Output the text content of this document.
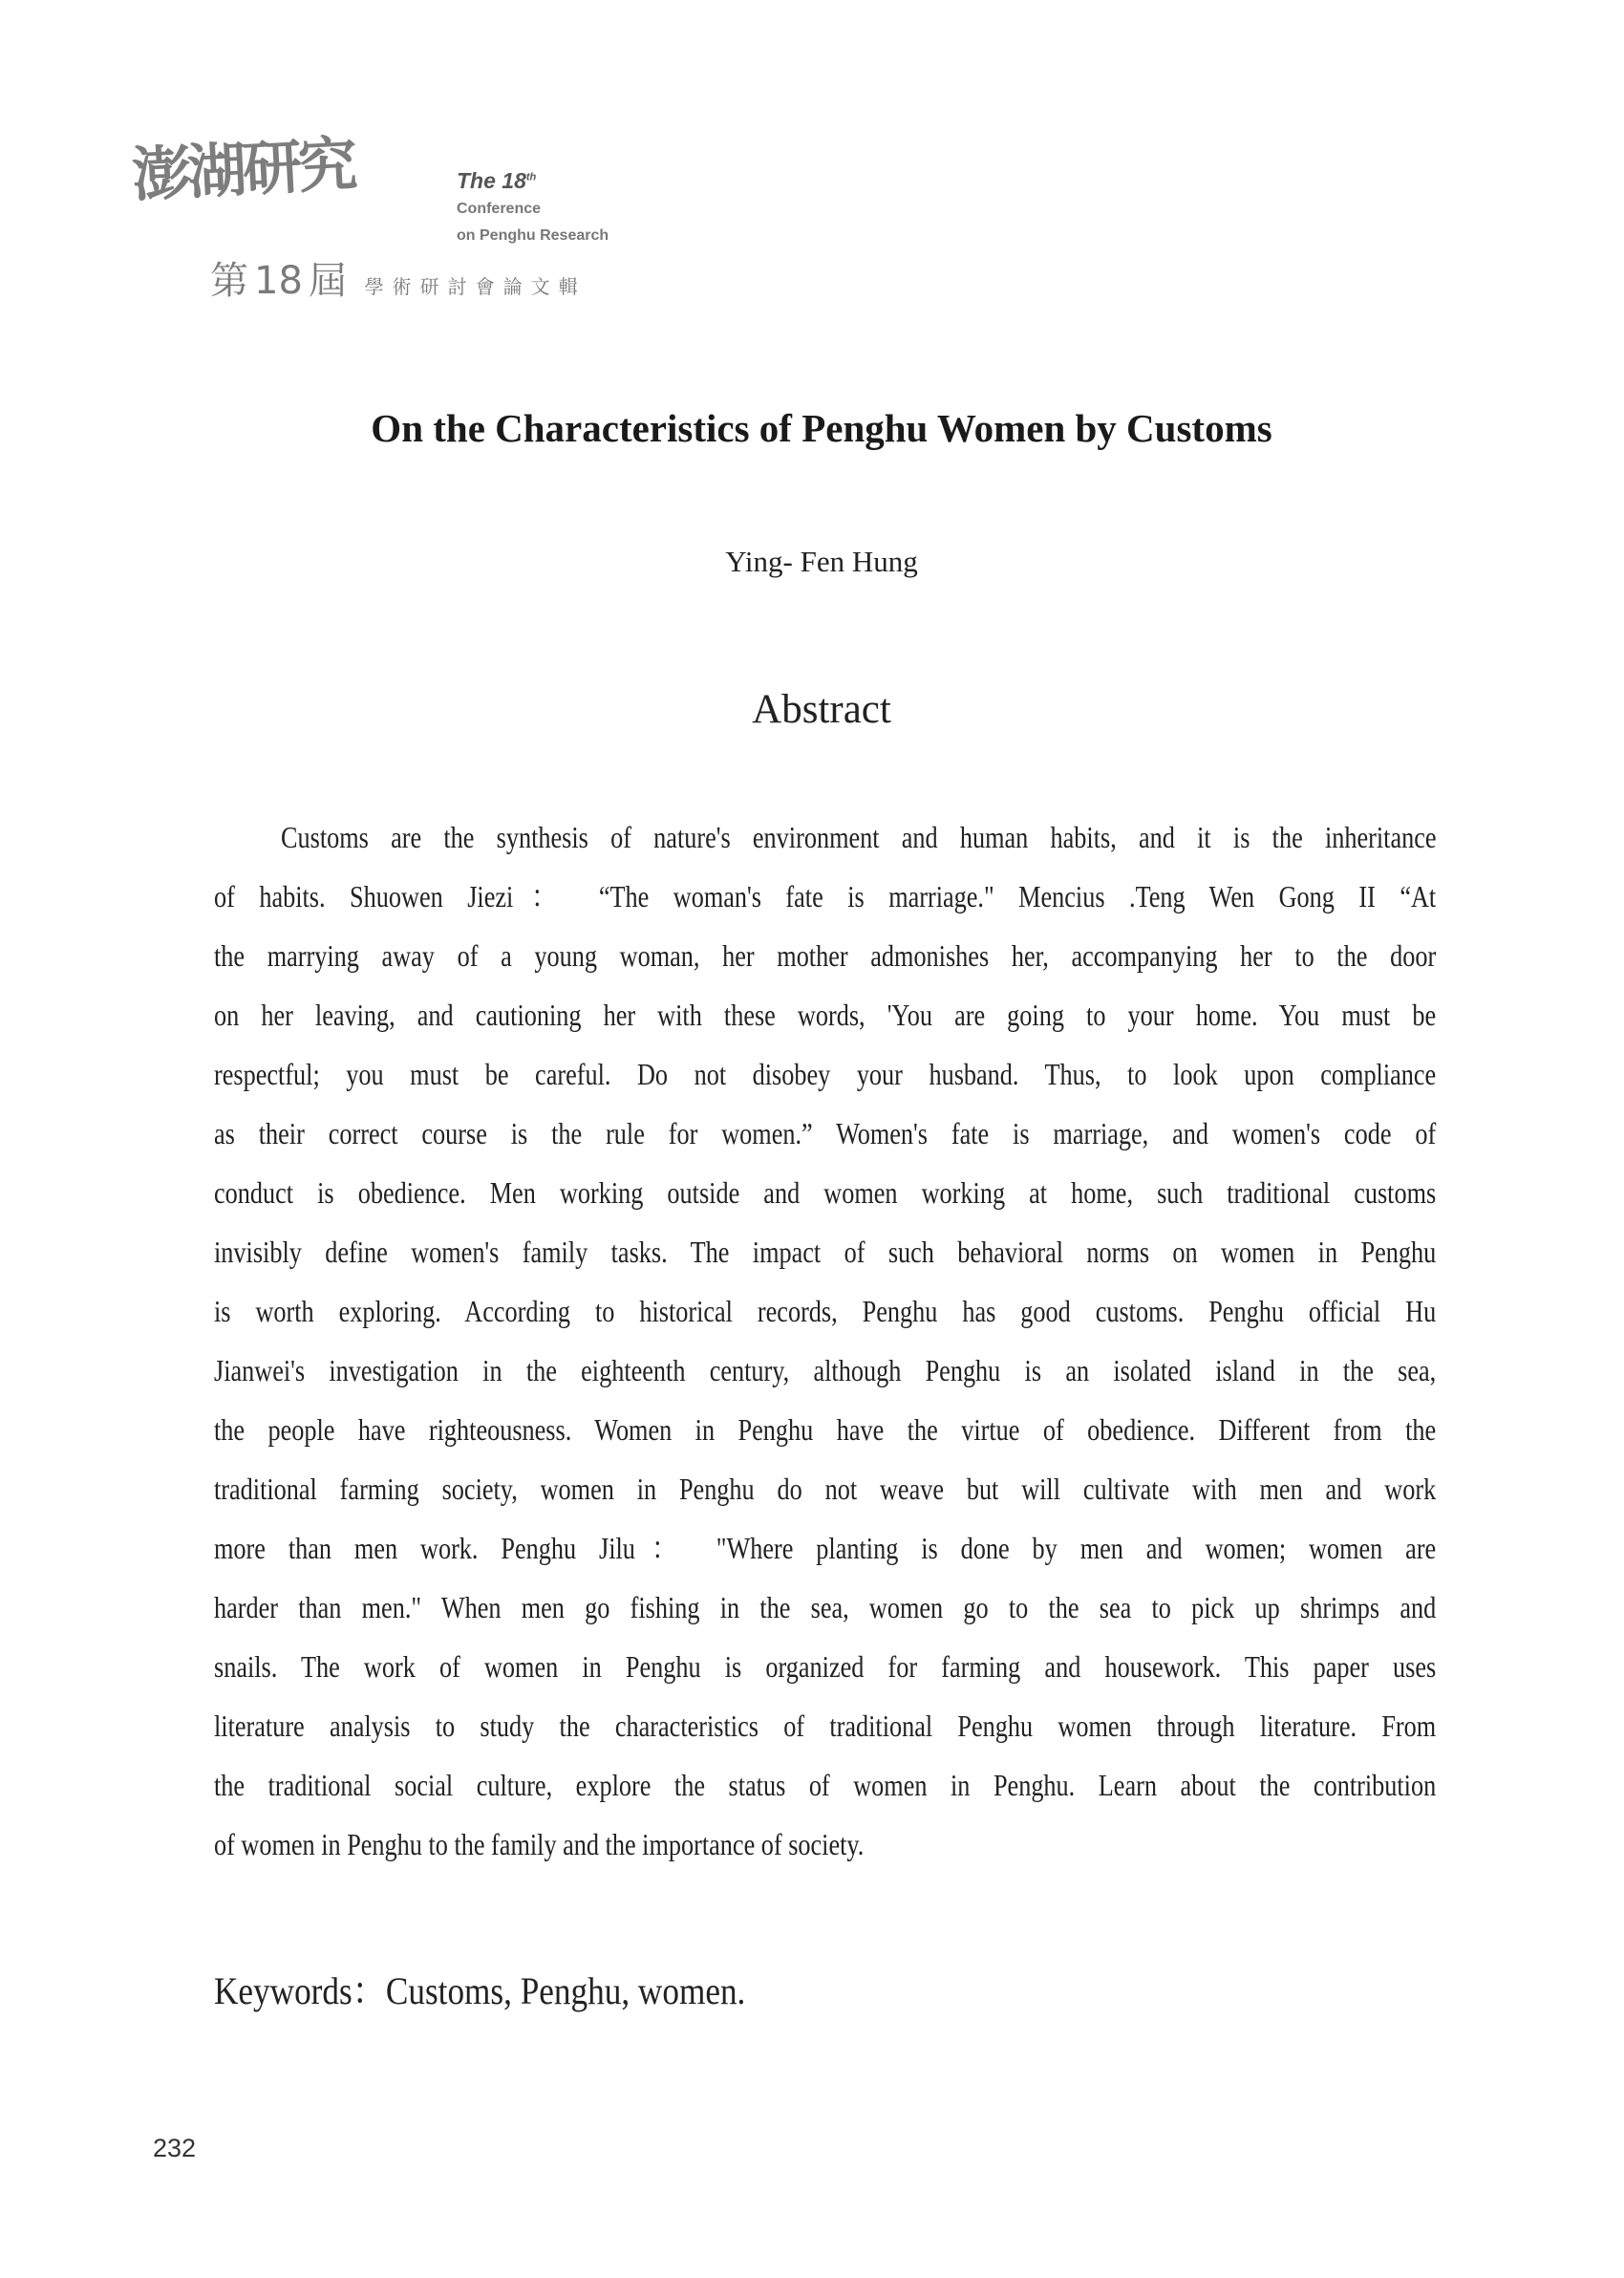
澎湖研究	The 18th
Conference
on Penghu Research
第 18 屆 學術研討會論文輯
On the Characteristics of Penghu Women by Customs
Ying- Fen Hung
Abstract
Customs are the synthesis of nature's environment and human habits, and it is the inheritance
of habits. Shuowen Jiezi： “The woman's fate is marriage." Mencius .Teng Wen Gong II “At
the marrying away of a young woman, her mother admonishes her, accompanying her to the door
on her leaving, and cautioning her with these words, 'You are going to your home. You must be
respectful; you must be careful. Do not disobey your husband. Thus, to look upon compliance
as their correct course is the rule for women.” Women's fate is marriage, and women's code of
conduct is obedience. Men working outside and women working at home, such traditional customs
invisibly define women's family tasks. The impact of such behavioral norms on women in Penghu
is worth exploring. According to historical records, Penghu has good customs. Penghu official Hu
Jianwei's investigation in the eighteenth century, although Penghu is an isolated island in the sea,
the people have righteousness. Women in Penghu have the virtue of obedience. Different from the
traditional farming society, women in Penghu do not weave but will cultivate with men and work
more than men work. Penghu Jilu： "Where planting is done by men and women; women are
harder than men." When men go fishing in the sea, women go to the sea to pick up shrimps and
snails. The work of women in Penghu is organized for farming and housework. This paper uses
literature analysis to study the characteristics of traditional Penghu women through literature. From
the traditional social culture, explore the status of women in Penghu. Learn about the contribution
of women in Penghu to the family and the importance of society.
Keywords：Customs, Penghu, women.
232
